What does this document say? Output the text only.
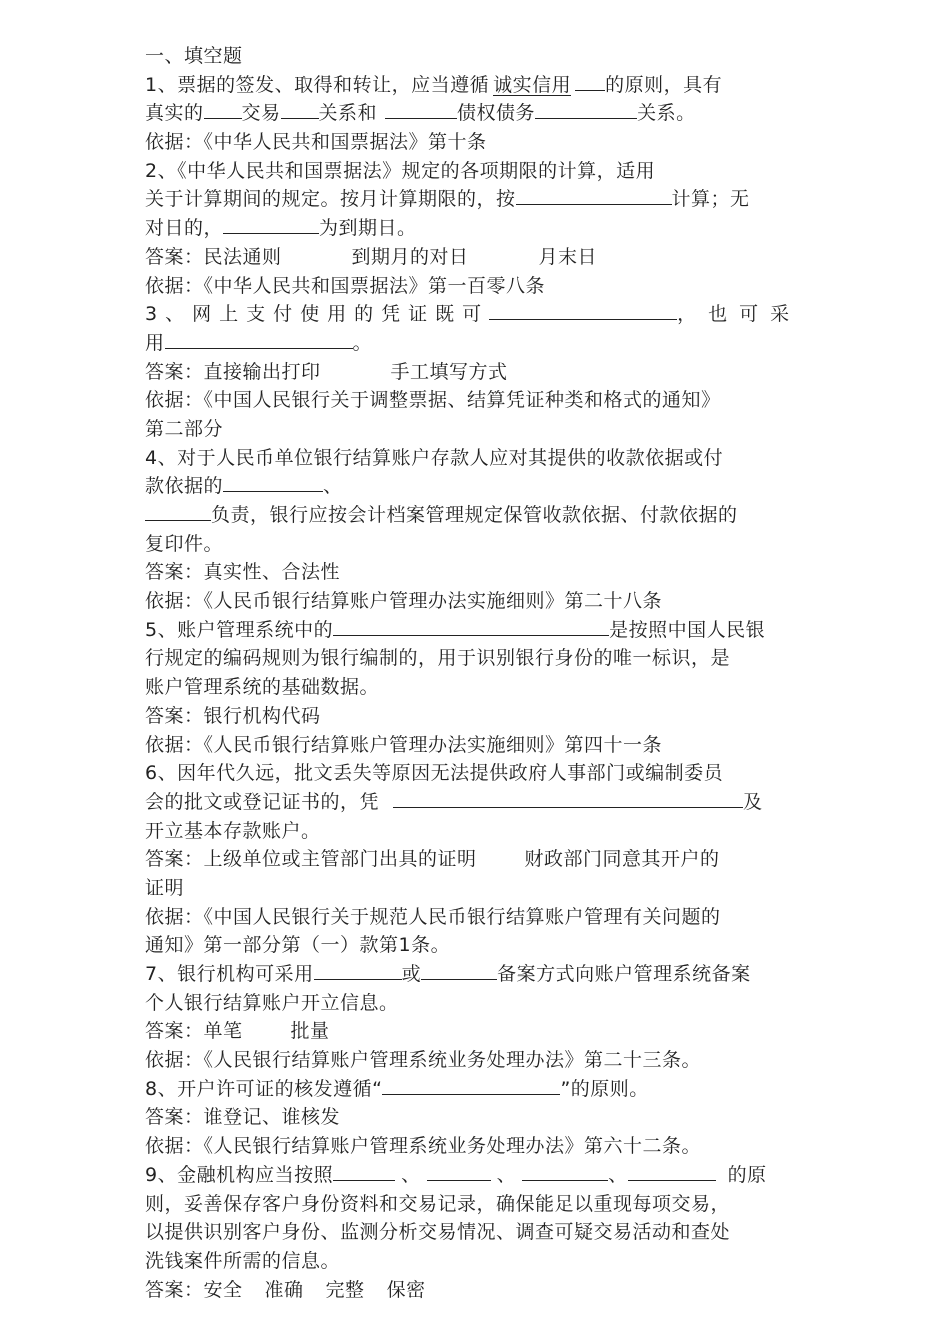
一、填空题
1、票据的签发、取得和转让，应当遵循 诚实信用 的原则，具有
真实的 交易 关系和	债权债务	关系。
依据：《中华人民共和国票据法》第十条
2、《中华人民共和国票据法》规定的各项期限的计算，适用
关于计算期间的规定。按月计算期限的，按	计算；无
对日的，	为到期日。
答案：民法通则	到期月的对日	月末日
依据：《中华人民共和国票据法》第一百零八条
3、网上支付使用的凭证既可	，也可采
用	。
答案：直接输出打印	手工填写方式
依据：《中国人民银行关于调整票据、结算凭证种类和格式的通知》
第二部分
4、对于人民币单位银行结算账户存款人应对其提供的收款依据或付
款依据的	、
负责，银行应按会计档案管理规定保管收款依据、付款依据的
复印件。
答案：真实性、合法性
依据：《人民币银行结算账户管理办法实施细则》第二十八条
5、账户管理系统中的	是按照中国人民银
行规定的编码规则为银行编制的，用于识别银行身份的唯一标识，是
账户管理系统的基础数据。
答案：银行机构代码
依据：《人民币银行结算账户管理办法实施细则》第四十一条
6、因年代久远，批文丢失等原因无法提供政府人事部门或编制委员
会的批文或登记证书的，凭	及
开立基本存款账户。
答案：上级单位或主管部门出具的证明	财政部门同意其开户的
证明
依据：《中国人民银行关于规范人民币银行结算账户管理有关问题的
通知》第一部分第（一）款第1条。
7、银行机构可采用	或	备案方式向账户管理系统备案
个人银行结算账户开立信息。
答案：单笔	批量
依据：《人民银行结算账户管理系统业务处理办法》第二十三条。
8、开户许可证的核发遵循“	”的原则。
答案：谁登记、谁核发
依据：《人民银行结算账户管理系统业务处理办法》第六十二条。
9、金融机构应当按照	、	、	、	的原
则，妥善保存客户身份资料和交易记录，确保能足以重现每项交易，
以提供识别客户身份、监测分析交易情况、调查可疑交易活动和查处
洗钱案件所需的信息。
答案：安全 准确 完整 保密
